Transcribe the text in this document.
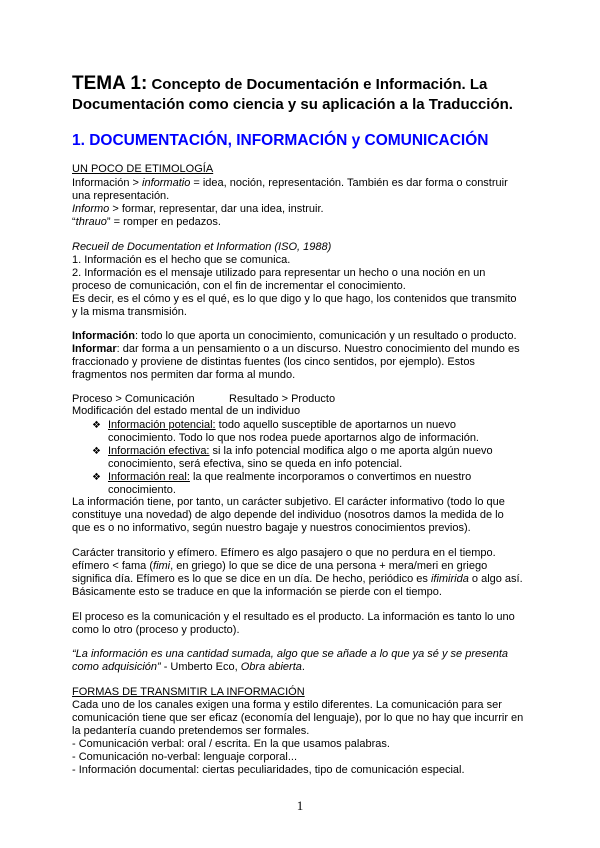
TEMA 1: Concepto de Documentación e Información. La
Documentación como ciencia y su aplicación a la Traducción.
1. DOCUMENTACIÓN, INFORMACIÓN y COMUNICACIÓN
UN POCO DE ETIMOLOGÍA
Información > informatio = idea, noción, representación. También es dar forma o construir
una representación.
Informo > formar, representar, dar una idea, instruir.
“thrauo” = romper en pedazos.
Recueil de Documentation et Information (ISO, 1988)
1. Información es el hecho que se comunica.
2. Información es el mensaje utilizado para representar un hecho o una noción en un
proceso de comunicación, con el fin de incrementar el conocimiento.
Es decir, es el cómo y es el qué, es lo que digo y lo que hago, los contenidos que transmito
y la misma transmisión.
Información: todo lo que aporta un conocimiento, comunicación y un resultado o producto.
Informar: dar forma a un pensamiento o a un discurso. Nuestro conocimiento del mundo es
fraccionado y proviene de distintas fuentes (los cinco sentidos, por ejemplo). Estos
fragmentos nos permiten dar forma al mundo.
Proceso > Comunicación	Resultado > Producto
Modificación del estado mental de un individuo
❖ Información potencial: todo aquello susceptible de aportarnos un nuevo
conocimiento. Todo lo que nos rodea puede aportarnos algo de información.
❖ Información efectiva: si la info potencial modifica algo o me aporta algún nuevo
conocimiento, será efectiva, sino se queda en info potencial.
❖ Información real: la que realmente incorporamos o convertimos en nuestro
conocimiento.
La información tiene, por tanto, un carácter subjetivo. El carácter informativo (todo lo que
constituye una novedad) de algo depende del individuo (nosotros damos la medida de lo
que es o no informativo, según nuestro bagaje y nuestros conocimientos previos).
Carácter transitorio y efímero. Efímero es algo pasajero o que no perdura en el tiempo.
efímero < fama (fimi, en griego) lo que se dice de una persona + mera/meri en griego
significa día. Efímero es lo que se dice en un día. De hecho, periódico es ifimirida o algo así.
Básicamente esto se traduce en que la información se pierde con el tiempo.
El proceso es la comunicación y el resultado es el producto. La información es tanto lo uno
como lo otro (proceso y producto).
“La información es una cantidad sumada, algo que se añade a lo que ya sé y se presenta
como adquisición” - Umberto Eco, Obra abierta.
FORMAS DE TRANSMITIR LA INFORMACIÓN
Cada uno de los canales exigen una forma y estilo diferentes. La comunicación para ser
comunicación tiene que ser eficaz (economía del lenguaje), por lo que no hay que incurrir en
la pedantería cuando pretendemos ser formales.
- Comunicación verbal: oral / escrita. En la que usamos palabras.
- Comunicación no-verbal: lenguaje corporal...
- Información documental: ciertas peculiaridades, tipo de comunicación especial.
1
